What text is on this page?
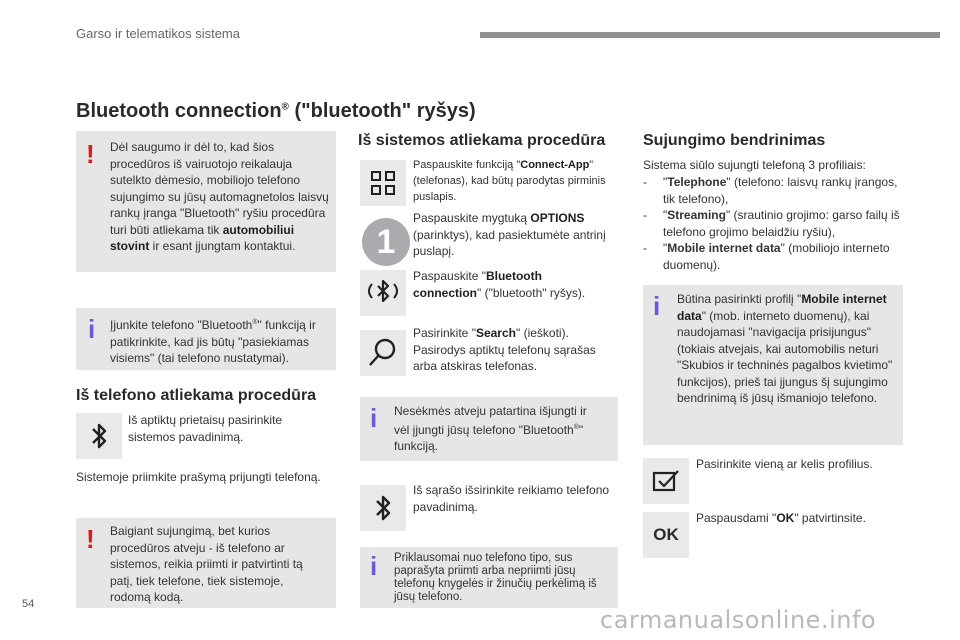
Garso ir telematikos sistema
Bluetooth connection® ("bluetooth" ryšys)
! Dėl saugumo ir dėl to, kad šios procedūros iš vairuotojo reikalauja sutelkto dėmesio, mobiliojo telefono sujungimo su jūsų automagnetolos laisvų rankų įranga "Bluetooth" ryšiu procedūra turi būti atliekama tik automobiliui stovint ir esant įjungtam kontaktui.
i Įjunkite telefono "Bluetooth®" funkciją ir patikrinkite, kad jis būtų "pasiekiamas visiems" (tai telefono nustatymai).
Iš telefono atliekama procedūra
Iš aptiktų prietaisų pasirinkite sistemos pavadinimą.
Sistemoje priimkite prašymą prijungti telefoną.
! Baigiant sujungimą, bet kurios procedūros atveju - iš telefono ar sistemos, reikia priimti ir patvirtinti tą patį, tiek telefone, tiek sistemoje, rodomą kodą.
Iš sistemos atliekama procedūra
Paspauskite funkciją "Connect-App" (telefonas), kad būtų parodytas pirminis puslapis.
1
Paspauskite mygtuką OPTIONS (parinktys), kad pasiektumėte antrinį puslapį.
Paspauskite "Bluetooth connection" ("bluetooth" ryšys).
Pasirinkite "Search" (ieškoti). Pasirodys aptiktų telefonų sąrašas arba atskiras telefonas.
i Nesėkmės atveju patartina išjungti ir vėl įjungti jūsų telefono "Bluetooth®" funkciją.
Iš sąrašo išsirinkite reikiamo telefono pavadinimą.
i Priklausomai nuo telefono tipo, sus paprašyta priimti arba nepriimti jūsų telefonų knygelės ir žinučių perkėlimą iš jūsų telefono.
Sujungimo bendrinimas
Sistema siūlo sujungti telefoną 3 profiliais:
-	"Telephone" (telefono: laisvų rankų įrangos, tik telefono),
-	"Streaming" (srautinio grojimo: garso failų iš telefono grojimo belaidžiu ryšiu),
-	"Mobile internet data" (mobiliojo interneto duomenų).
i Būtina pasirinkti profilį "Mobile internet data" (mob. interneto duomenų), kai naudojamasi "navigacija prisijungus" (tokiais atvejais, kai automobilis neturi "Skubios ir techninės pagalbos kvietimo" funkcijos), prieš tai įjungus šį sujungimo bendrinimą iš jūsų išmaniojo telefono.
Pasirinkite vieną ar kelis profilius.
OK
Paspausdami "OK" patvirtinsite.
54
carmanualsonline.info
